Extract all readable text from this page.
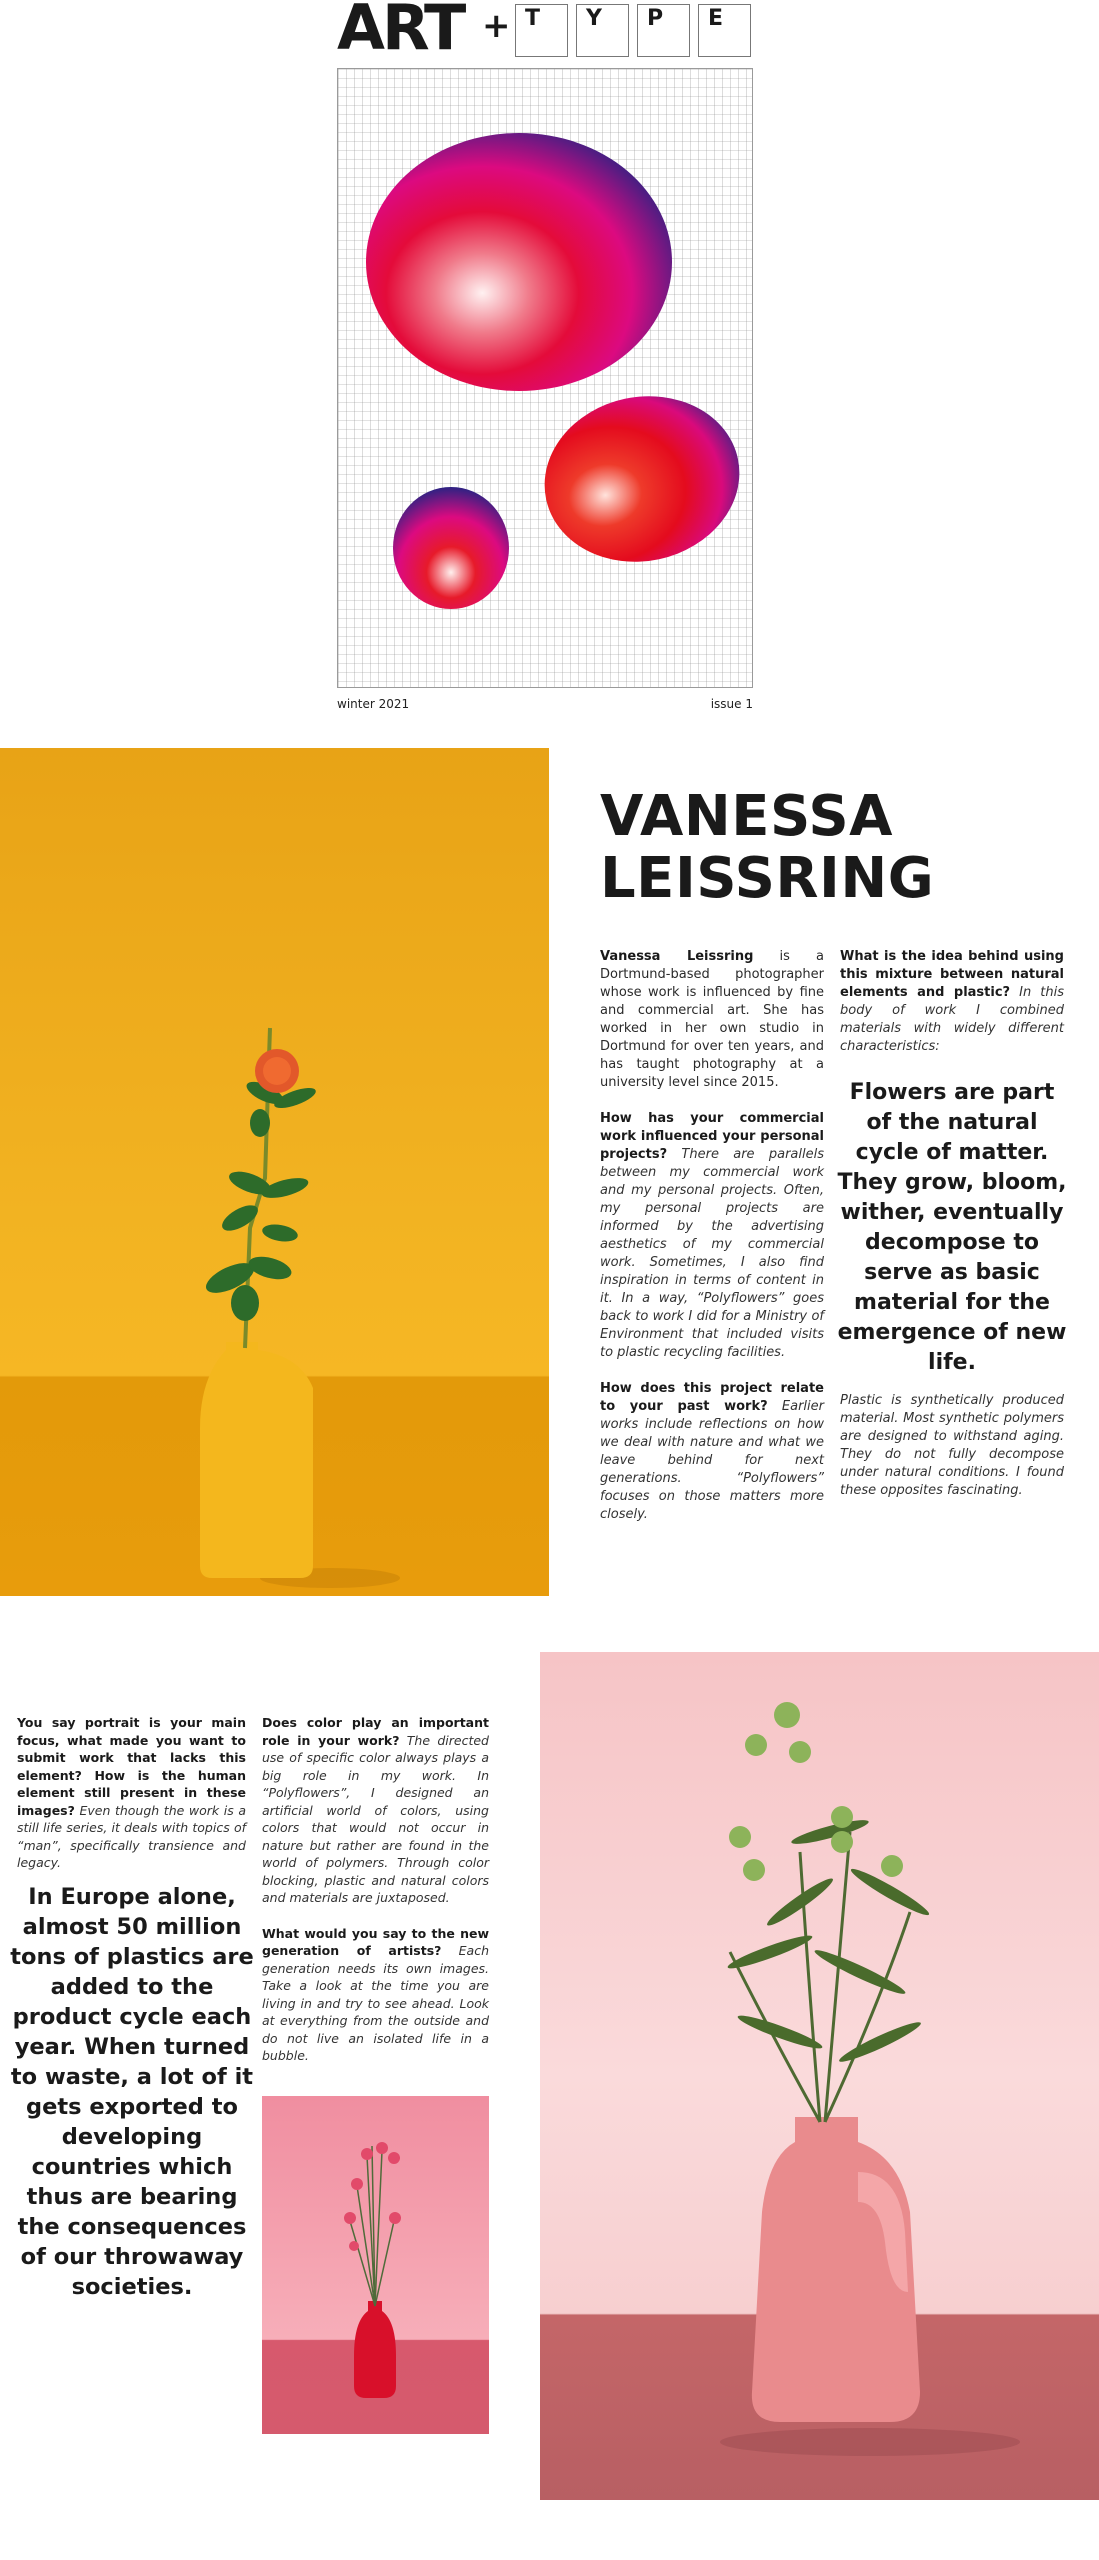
ART + T Y P E
winter 2021	issue 1
VANESSA
LEISSRING

Vanessa Leissring is a Dortmund-based photographer whose work is influenced by fine and commercial art. She has worked in her own studio in Dortmund for over ten years, and has taught photography at a university level since 2015.

How has your commercial work influenced your personal projects? There are parallels between my commercial work and my personal projects. Often, my personal projects are informed by the advertising aesthetics of my commercial work. Sometimes, I also find inspiration in terms of content in it. In a way, “Polyflowers” goes back to work I did for a Ministry of Environment that included visits to plastic recycling facilities.

How does this project relate to your past work? Earlier works include reflections on how we deal with nature and what we leave behind for next generations. “Polyflowers” focuses on those matters more closely.

What is the idea behind using this mixture between natural elements and plastic? In this body of work I combined materials with widely different characteristics:

Flowers are part of the natural cycle of matter. They grow, bloom, wither, eventually decompose to serve as basic material for the emergence of new life.

Plastic is synthetically produced material. Most synthetic polymers are designed to withstand aging. They do not fully decompose under natural conditions. I found these opposites fascinating.

You say portrait is your main focus, what made you want to submit work that lacks this element? How is the human element still present in these images? Even though the work is a still life series, it deals with topics of “man”, specifically transience and legacy.

In Europe alone, almost 50 million tons of plastics are added to the product cycle each year. When turned to waste, a lot of it gets exported to developing countries which thus are bearing the consequences of our throwaway societies.

Does color play an important role in your work? The directed use of specific color always plays a big role in my work. In “Polyflowers”, I designed an artificial world of colors, using colors that would not occur in nature but rather are found in the world of polymers. Through color blocking, plastic and natural colors and materials are juxtaposed.

What would you say to the new generation of artists? Each generation needs its own images. Take a look at the time you are living in and try to see ahead. Look at everything from the outside and do not live an isolated life in a bubble.
